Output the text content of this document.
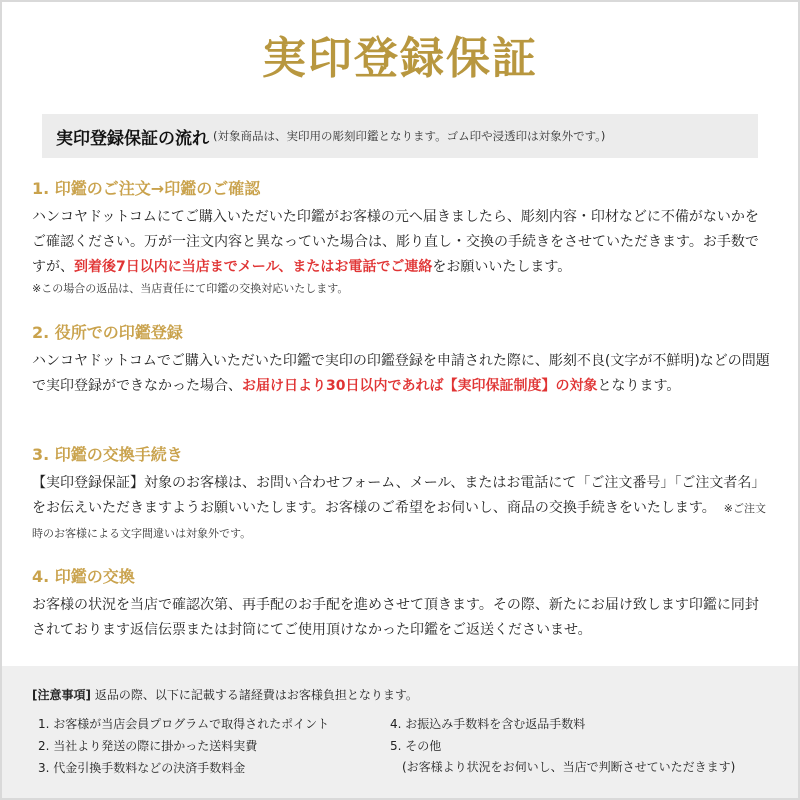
実印登録保証
実印登録保証の流れ (対象商品は、実印用の彫刻印鑑となります。ゴム印や浸透印は対象外です。)
1. 印鑑のご注文→印鑑のご確認
ハンコヤドットコムにてご購入いただいた印鑑がお客様の元へ届きましたら、彫刻内容・印材などに不備がないかをご確認ください。万が一注文内容と異なっていた場合は、彫り直し・交換の手続きをさせていただきます。お手数ですが、到着後7日以内に当店までメール、またはお電話でご連絡をお願いいたします。
※この場合の返品は、当店責任にて印鑑の交換対応いたします。
2. 役所での印鑑登録
ハンコヤドットコムでご購入いただいた印鑑で実印の印鑑登録を申請された際に、彫刻不良(文字が不鮮明)などの問題で実印登録ができなかった場合、お届け日より30日以内であれば【実印保証制度】の対象となります。
3. 印鑑の交換手続き
【実印登録保証】対象のお客様は、お問い合わせフォーム、メール、またはお電話にて「ご注文番号」「ご注文者名」をお伝えいただきますようお願いいたします。お客様のご希望をお伺いし、商品の交換手続きをいたします。 ※ご注文時のお客様による文字間違いは対象外です。
4. 印鑑の交換
お客様の状況を当店で確認次第、再手配のお手配を進めさせて頂きます。その際、新たにお届け致します印鑑に同封されております返信伝票または封筒にてご使用頂けなかった印鑑をご返送くださいませ。
[注意事項] 返品の際、以下に記載する諸経費はお客様負担となります。
1. お客様が当店会員プログラムで取得されたポイント
2. 当社より発送の際に掛かった送料実費
3. 代金引換手数料などの決済手数料金
4. お振込み手数料を含む返品手数料
5. その他
(お客様より状況をお伺いし、当店で判断させていただきます)
